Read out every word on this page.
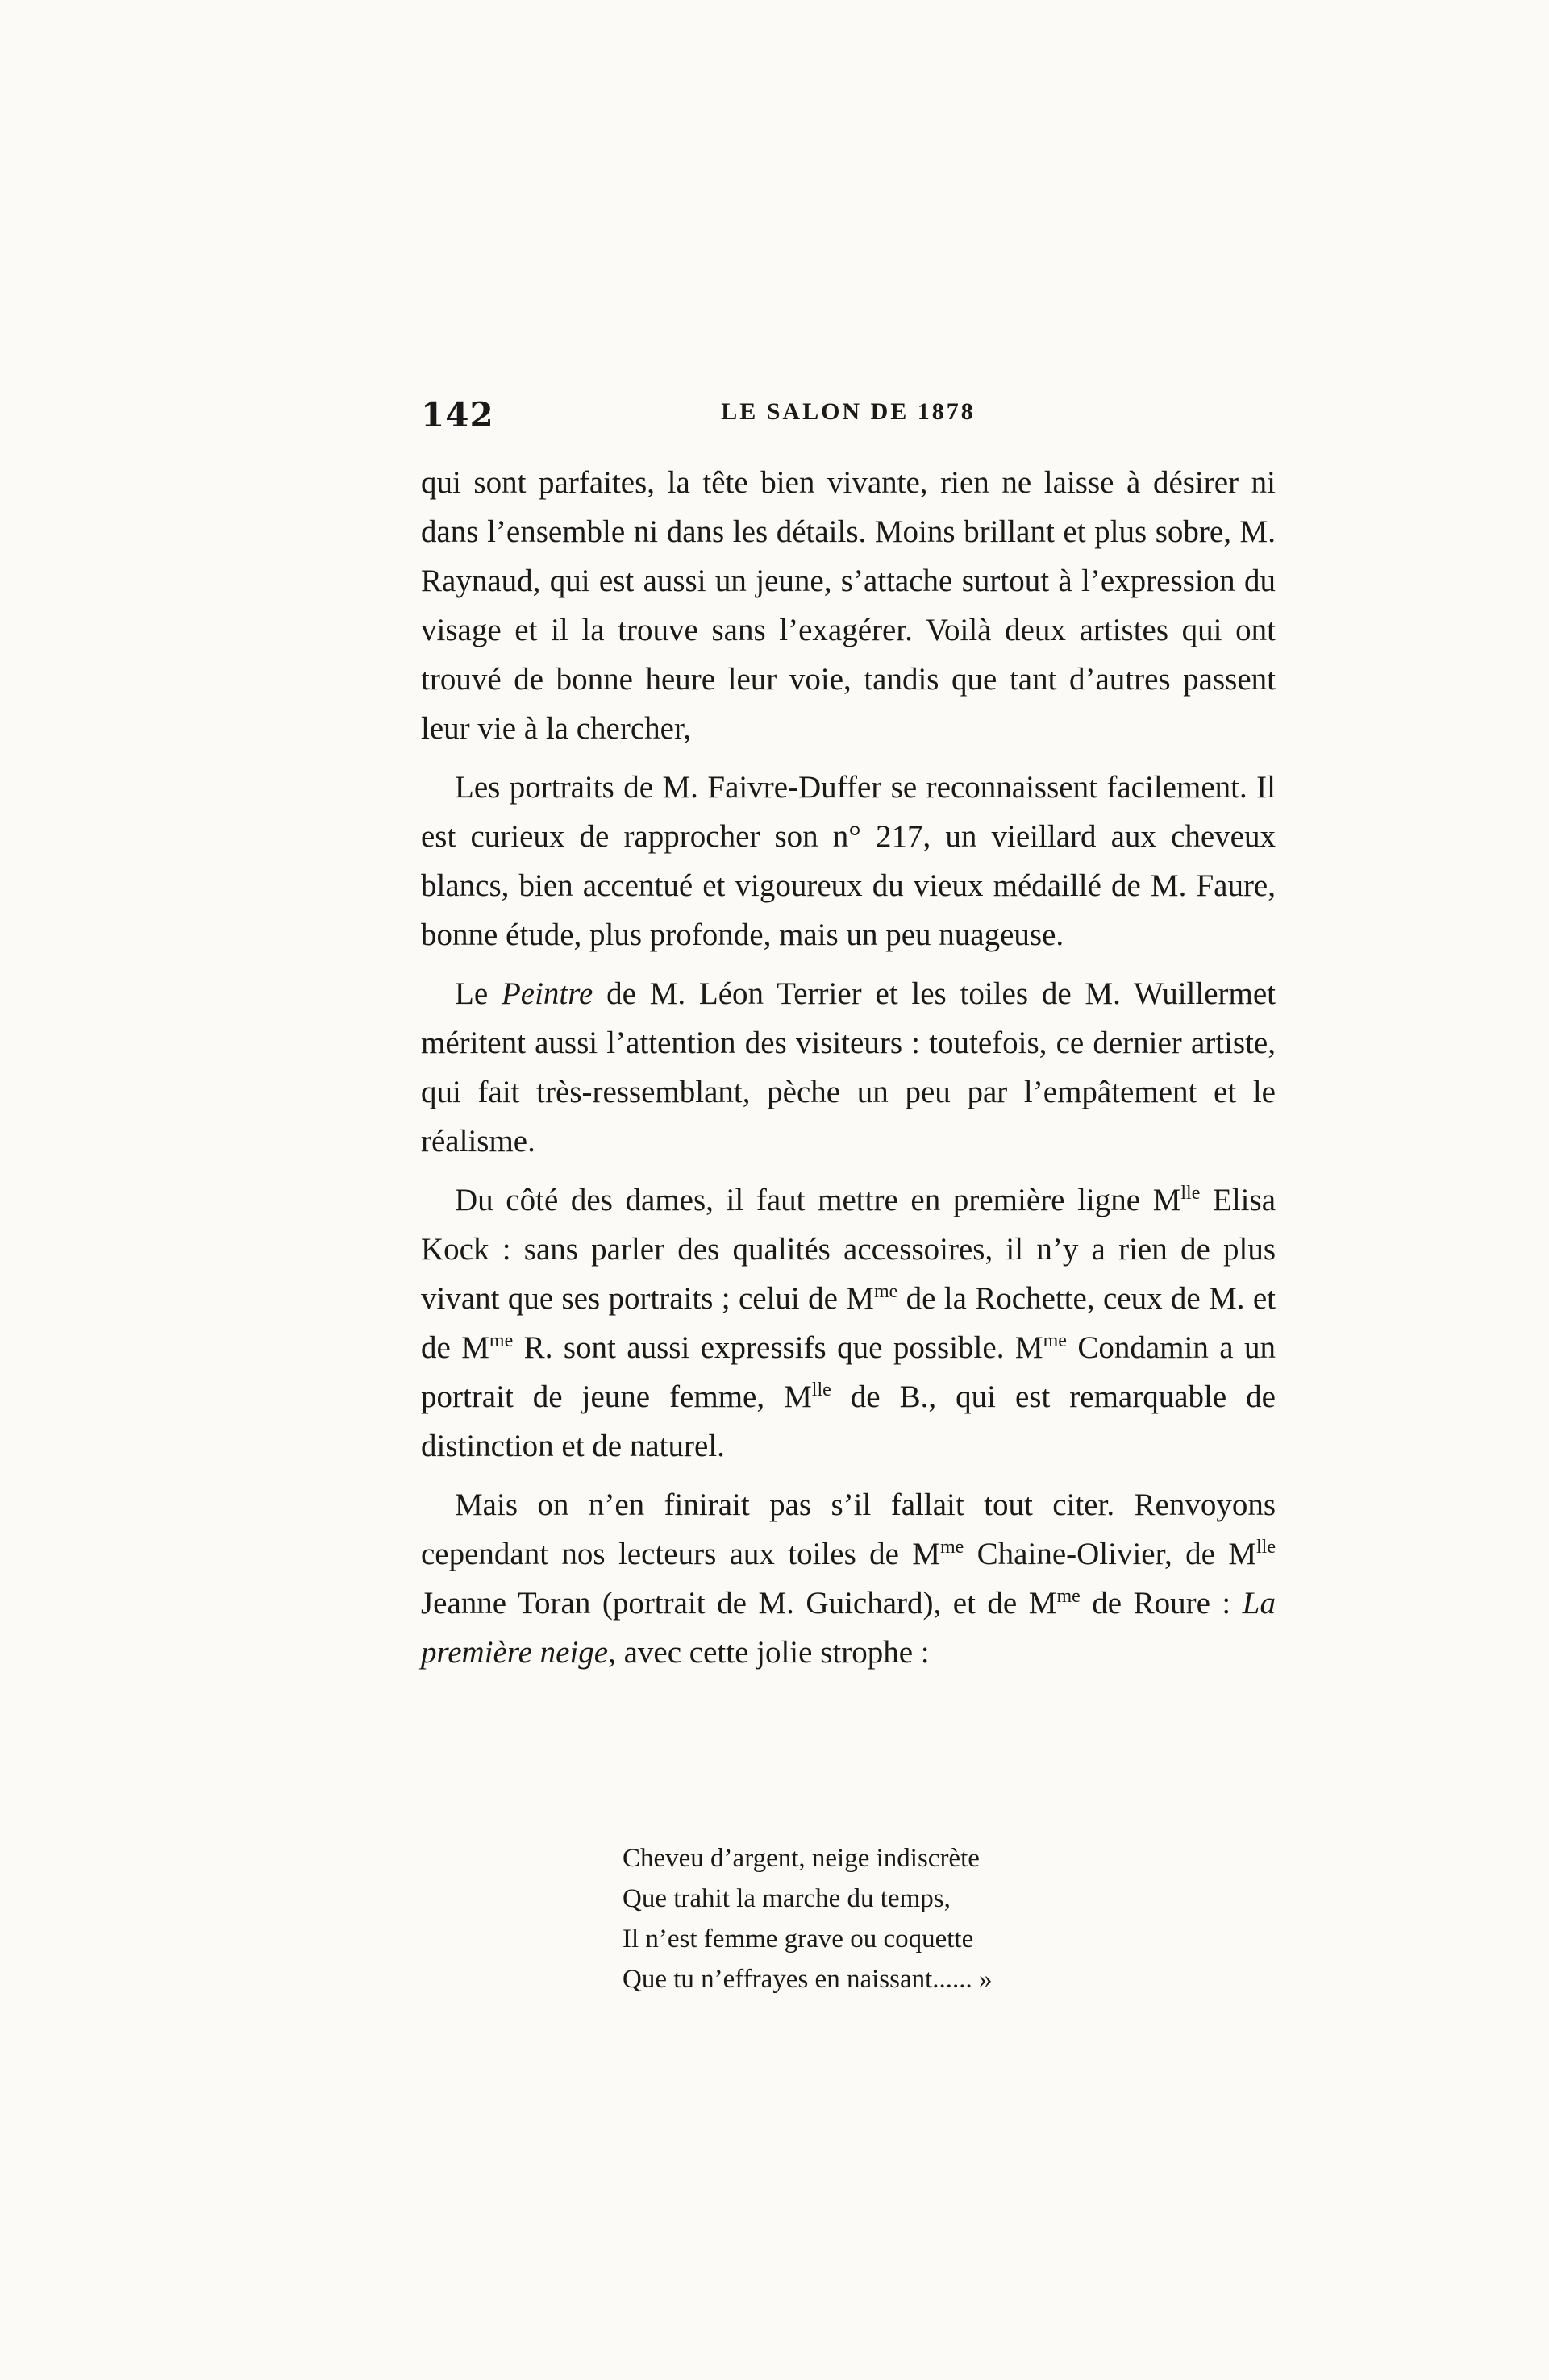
142	LE SALON DE 1878

qui sont parfaites, la tête bien vivante, rien ne laisse à désirer ni dans l’ensemble ni dans les détails. Moins brillant et plus sobre, M. Raynaud, qui est aussi un jeune, s’attache surtout à l’expression du visage et il la trouve sans l’exagérer. Voilà deux artistes qui ont trouvé de bonne heure leur voie, tandis que tant d’autres passent leur vie à la chercher,

Les portraits de M. Faivre-Duffer se reconnaissent facilement. Il est curieux de rapprocher son n° 217, un vieillard aux cheveux blancs, bien accentué et vigoureux du vieux médaillé de M. Faure, bonne étude, plus profonde, mais un peu nuageuse.

Le Peintre de M. Léon Terrier et les toiles de M. Wuillermet méritent aussi l’attention des visiteurs : toutefois, ce dernier artiste, qui fait très-ressemblant, pèche un peu par l’empâtement et le réalisme.

Du côté des dames, il faut mettre en première ligne $M^{lle}$ Elisa Kock : sans parler des qualités accessoires, il n’y a rien de plus vivant que ses portraits ; celui de $M^{me}$ de la Rochette, ceux de M. et de $M^{me}$ R. sont aussi expressifs que possible. $M^{me}$ Condamin a un portrait de jeune femme, $M^{lle}$ de B., qui est remarquable de distinction et de naturel.

Mais on n’en finirait pas s’il fallait tout citer. Renvoyons cependant nos lecteurs aux toiles de $M^{me}$ Chaine-Olivier, de $M^{lle}$ Jeanne Toran (portrait de M. Guichard), et de $M^{me}$ de Roure : La première neige, avec cette jolie strophe :

Cheveu d’argent, neige indiscrète
Que trahit la marche du temps,
Il n’est femme grave ou coquette
Que tu n’effrayes en naissant...... »
